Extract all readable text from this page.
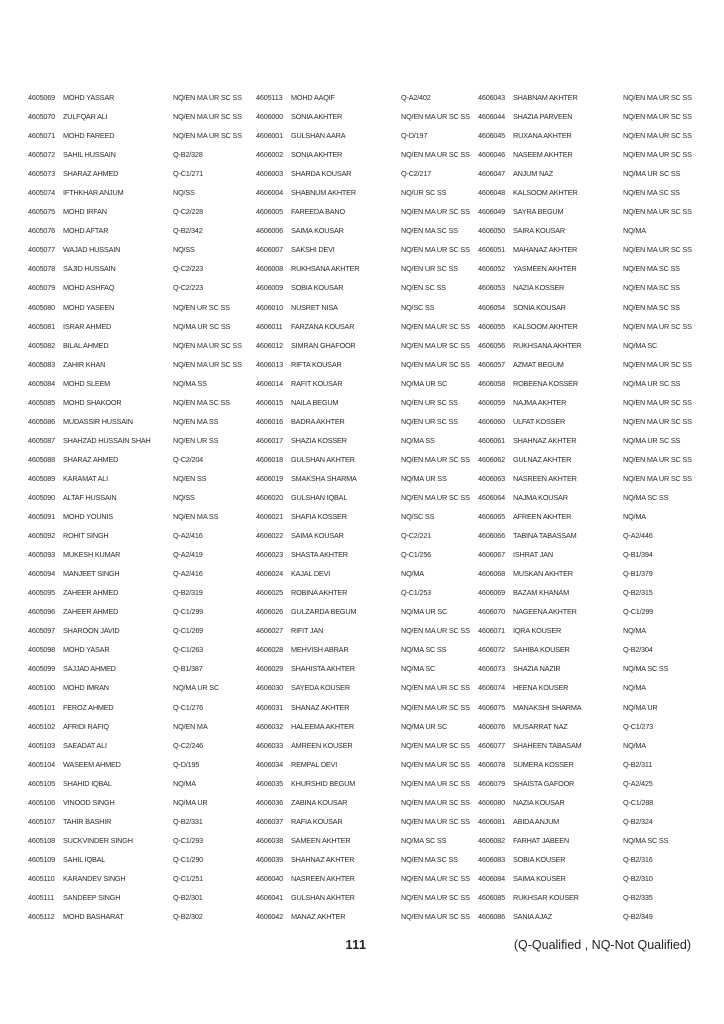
4605069	MOHD YASSAR	NQ/EN MA UR SC SS
4605070	ZULFQAR ALI	NQ/EN MA UR SC SS
4605071	MOHD FAREED	NQ/EN MA UR SC SS
4605072	SAHIL HUSSAIN	Q-B2/328
4605073	SHARAZ AHMED	Q-C1/271
4605074	IFTHKHAR ANJUM	NQ/SS
4605075	MOHD IRFAN	Q-C2/228
4605076	MOHD AFTAR	Q-B2/342
4605077	WAJAD HUSSAIN	NQ/SS
4605078	SAJID HUSSAIN	Q-C2/223
4605079	MOHD ASHFAQ	Q-C2/223
4605080	MOHD YASEEN	NQ/EN UR SC SS
4605081	ISRAR AHMED	NQ/MA UR SC SS
4605082	BILAL AHMED	NQ/EN MA UR SC SS
4605083	ZAHIR KHAN	NQ/EN MA UR SC SS
4605084	MOHD SLEEM	NQ/MA SS
4605085	MOHD SHAKOOR	NQ/EN MA SC SS
4605086	MUDASSIR HUSSAIN	NQ/EN MA SS
4605087	SHAHZAD HUSSAIN SHAH	NQ/EN UR SS
4605088	SHARAZ AHMED	Q-C2/204
4605089	KARAMAT ALI	NQ/EN SS
4605090	ALTAF HUSSAIN	NQ/SS
4605091	MOHD YOUNIS	NQ/EN MA SS
4605092	ROHIT SINGH	Q-A2/416
4605093	MUKESH KUMAR	Q-A2/419
4605094	MANJEET SINGH	Q-A2/416
4605095	ZAHEER AHMED	Q-B2/319
4605096	ZAHEER AHMED	Q-C1/299
4605097	SHAROON JAVID	Q-C1/269
4605098	MOHD YASAR	Q-C1/263
4605099	SAJJAD AHMED	Q-B1/387
4605100	MOHD IMRAN	NQ/MA UR SC
4605101	FEROZ AHMED	Q-C1/276
4605102	AFRIDI RAFIQ	NQ/EN MA
4605103	SAEADAT ALI	Q-C2/246
4605104	WASEEM AHMED	Q-D/195
4605105	SHAHID IQBAL	NQ/MA
4605106	VINOOD SINGH	NQ/MA UR
4605107	TAHIR BASHIR	Q-B2/331
4605108	SUCKVINDER SINGH	Q-C1/293
4605109	SAHIL IQBAL	Q-C1/290
4605110	KARANDEV SINGH	Q-C1/251
4605111	SANDEEP SINGH	Q-B2/301
4605112	MOHD BASHARAT	Q-B2/302
4605113	MOHD AAQIF	Q-A2/402
4606000	SONIA AKHTER	NQ/EN MA UR SC SS
4606001	GULSHAN AARA	Q-D/197
4606002	SONIA AKHTER	NQ/EN MA UR SC SS
4606003	SHARDA KOUSAR	Q-C2/217
4606004	SHABNUM AKHTER	NQ/UR SC SS
4606005	FAREEDA BANO	NQ/EN MA UR SC SS
4606006	SAIMA KOUSAR	NQ/EN MA SC SS
4606007	SAKSHI DEVI	NQ/EN MA UR SC SS
4606008	RUKHSANA AKHTER	NQ/EN UR SC SS
4606009	SOBIA KOUSAR	NQ/EN SC SS
4606010	NUSRET NISA	NQ/SC SS
4606011	FARZANA KOUSAR	NQ/EN MA UR SC SS
4606012	SIMRAN GHAFOOR	NQ/EN MA UR SC SS
4606013	RIFTA KOUSAR	NQ/EN MA UR SC SS
4606014	RAFIT KOUSAR	NQ/MA UR SC
4606015	NAILA BEGUM	NQ/EN UR SC SS
4606016	BADRA AKHTER	NQ/EN UR SC SS
4606017	SHAZIA KOSSER	NQ/MA SS
4606018	GULSHAN AKHTER	NQ/EN MA UR SC SS
4606019	SMAKSHA SHARMA	NQ/MA UR SS
4606020	GULSHAN IQBAL	NQ/EN MA UR SC SS
4606021	SHAFIA KOSSER	NQ/SC SS
4606022	SAIMA KOUSAR	Q-C2/221
4606023	SHASTA AKHTER	Q-C1/256
4606024	KAJAL DEVI	NQ/MA
4606025	ROBINA AKHTER	Q-C1/253
4606026	GULZARDA BEGUM	NQ/MA UR SC
4606027	RIFIT JAN	NQ/EN MA UR SC SS
4606028	MEHVISH ABRAR	NQ/MA SC SS
4606029	SHAHISTA AKHTER	NQ/MA SC
4606030	SAYEDA KOUSER	NQ/EN MA UR SC SS
4606031	SHANAZ AKHTER	NQ/EN MA UR SC SS
4606032	HALEEMA AKHTER	NQ/MA UR SC
4606033	AMREEN KOUSER	NQ/EN MA UR SC SS
4606034	REMPAL DEVI	NQ/EN MA UR SC SS
4606035	KHURSHID BEGUM	NQ/EN MA UR SC SS
4606036	ZABINA KOUSAR	NQ/EN MA UR SC SS
4606037	RAFIA KOUSAR	NQ/EN MA UR SC SS
4606038	SAMEEN AKHTER	NQ/MA SC SS
4606039	SHAHNAZ AKHTER	NQ/EN MA SC SS
4606040	NASREEN AKHTER	NQ/EN MA UR SC SS
4606041	GULSHAN AKHTER	NQ/EN MA UR SC SS
4606042	MANAZ AKHTER	NQ/EN MA UR SC SS
4606043	SHABNAM AKHTER	NQ/EN MA UR SC SS
4606044	SHAZIA PARVEEN	NQ/EN MA UR SC SS
4606045	RUXANA AKHTER	NQ/EN MA UR SC SS
4606046	NASEEM AKHTER	NQ/EN MA UR SC SS
4606047	ANJUM NAZ	NQ/MA UR SC SS
4606048	KALSOOM AKHTER	NQ/EN MA SC SS
4606049	SAYRA BEGUM	NQ/EN MA UR SC SS
4606050	SAIRA KOUSAR	NQ/MA
4606051	MAHANAZ AKHTER	NQ/EN MA UR SC SS
4606052	YASMEEN AKHTER	NQ/EN MA SC SS
4606053	NAZIA KOSSER	NQ/EN MA SC SS
4606054	SONIA KOUSAR	NQ/EN MA SC SS
4606055	KALSOOM AKHTER	NQ/EN MA UR SC SS
4606056	RUKHSANA AKHTER	NQ/MA SC
4606057	AZMAT BEGUM	NQ/EN MA UR SC SS
4606058	ROBEENA KOSSER	NQ/MA UR SC SS
4606059	NAJMA AKHTER	NQ/EN MA UR SC SS
4606060	ULFAT KOSSER	NQ/EN MA UR SC SS
4606061	SHAHNAZ AKHTER	NQ/MA UR SC SS
4606062	GULNAZ AKHTER	NQ/EN MA UR SC SS
4606063	NASREEN AKHTER	NQ/EN MA UR SC SS
4606064	NAJMA KOUSAR	NQ/MA SC SS
4606065	AFREEN AKHTER	NQ/MA
4606066	TABINA TABASSAM	Q-A2/446
4606067	ISHRAT JAN	Q-B1/394
4606068	MUSKAN AKHTER	Q-B1/379
4606069	BAZAM KHANAM	Q-B2/315
4606070	NAGEENA AKHTER	Q-C1/299
4606071	IQRA KOUSER	NQ/MA
4606072	SAHIBA KOUSER	Q-B2/304
4606073	SHAZIA NAZIR	NQ/MA SC SS
4606074	HEENA KOUSER	NQ/MA
4606075	MANAKSHI SHARMA	NQ/MA UR
4606076	MUSARRAT NAZ	Q-C1/273
4606077	SHAHEEN TABASAM	NQ/MA
4606078	SUMERA KOSSER	Q-B2/311
4606079	SHAISTA GAFOOR	Q-A2/425
4606080	NAZIA KOUSAR	Q-C1/288
4606081	ABIDA ANJUM	Q-B2/324
4606082	FARHAT JABEEN	NQ/MA SC SS
4606083	SOBIA KOUSER	Q-B2/316
4606084	SAIMA KOUSER	Q-B2/310
4606085	RUKHSAR KOUSER	Q-B2/335
4606086	SANIA AJAZ	Q-B2/349
111	(Q-Qualified , NQ-Not Qualified)
